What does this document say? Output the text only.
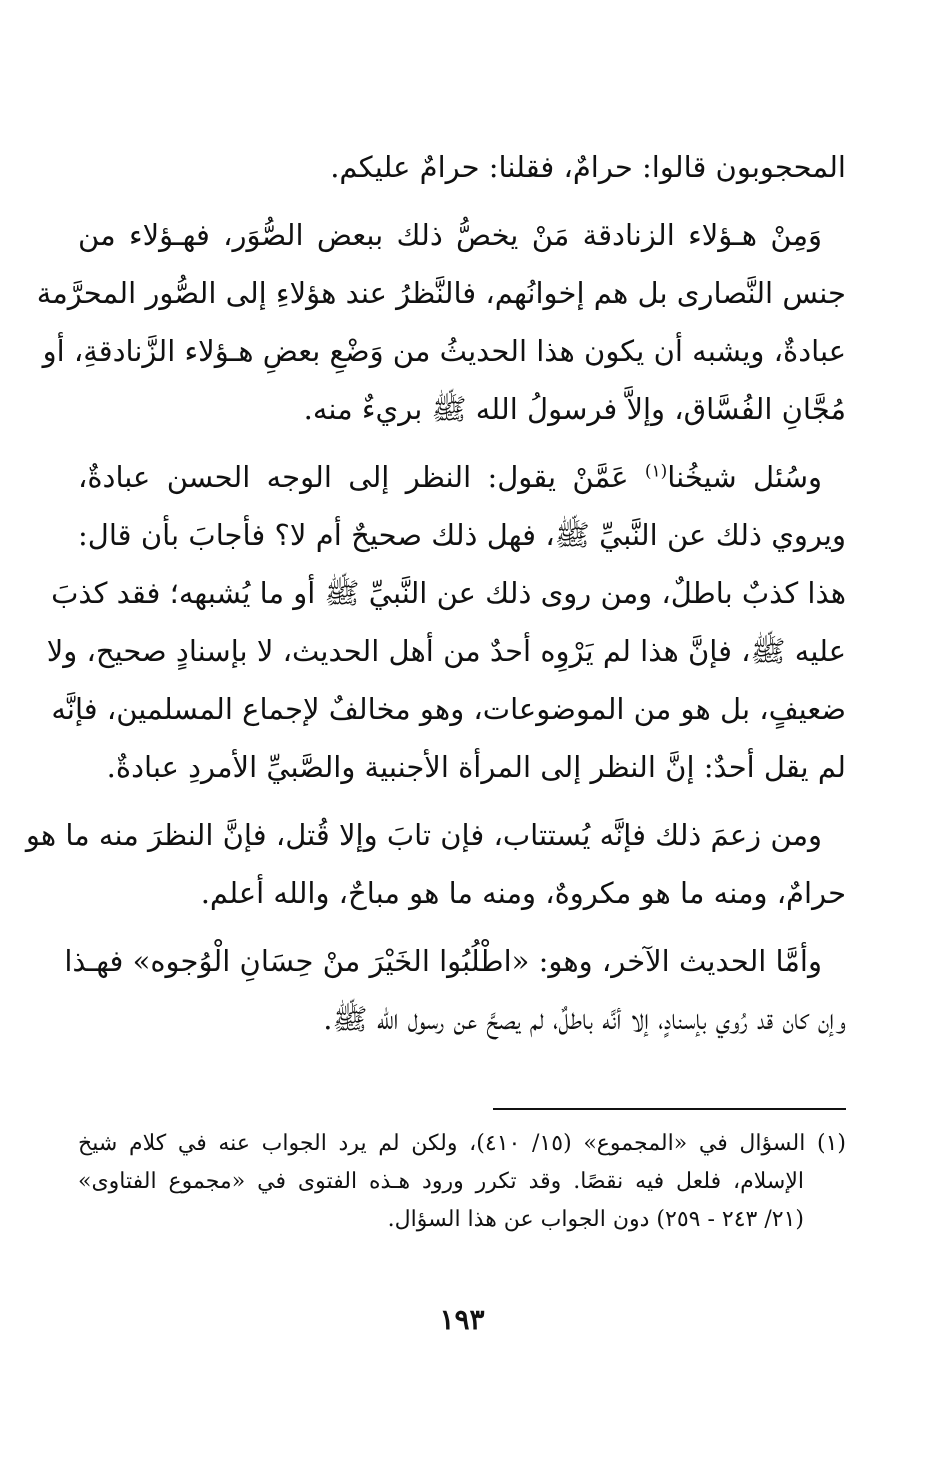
المحجوبون قالوا: حرامٌ، فقلنا: حرامٌ عليكم.

وَمِنْ هـؤلاء الزنادقة مَنْ يخصُّ ذلك ببعض الصُّوَر، فهـؤلاء من
جنس النَّصارى بل هم إخوانُهم، فالنَّظرُ عند هؤلاءِ إلى الصُّور المحرَّمة
عبادةٌ، ويشبه أن يكون هذا الحديثُ من وَضْعِ بعضِ هـؤلاء الزَّنادقةِ، أو
مُجَّانِ الفُسَّاق، وإلاَّ فرسولُ الله ﷺ بريءٌ منه.

وسُئل شيخُنا$^{(١)}$ عَمَّنْ يقول: النظر إلى الوجه الحسن عبادةٌ،
ويروي ذلك عن النَّبيِّ ﷺ، فهل ذلك صحيحٌ أم لا؟ فأجابَ بأن قال:
هذا كذبٌ باطلٌ، ومن روى ذلك عن النَّبيِّ ﷺ أو ما يُشبهه؛ فقد كذبَ
عليه ﷺ، فإنَّ هذا لم يَرْوِه أحدٌ من أهل الحديث، لا بإسنادٍ صحيح، ولا
ضعيفٍ، بل هو من الموضوعات، وهو مخالفٌ لإجماع المسلمين، فإنَّه
لم يقل أحدٌ: إنَّ النظر إلى المرأة الأجنبية والصَّبيِّ الأمردِ عبادةٌ.

ومن زعمَ ذلك فإنَّه يُستتاب، فإن تابَ وإلا قُتل، فإنَّ النظرَ منه ما هو
حرامٌ، ومنه ما هو مكروهٌ، ومنه ما هو مباحٌ، والله أعلم.

وأمَّا الحديث الآخر، وهو: «اطْلُبُوا الخَيْرَ منْ حِسَانِ الْوُجوه» فهـذا
وإن كان قد رُوي بإسنادٍ، إلا أنَّه باطلٌ، لم يصحَّ عن رسول الله ﷺ.

(١) السؤال في «المجموع» (١٥/ ٤١٠)، ولكن لم يرد الجواب عنه في كلام شيخ
الإسلام، فلعل فيه نقصًا. وقد تكرر ورود هـذه الفتوى في «مجموع الفتاوى»
(٢١/ ٢٤٣ - ٢٥٩) دون الجواب عن هذا السؤال.
١٩٣
